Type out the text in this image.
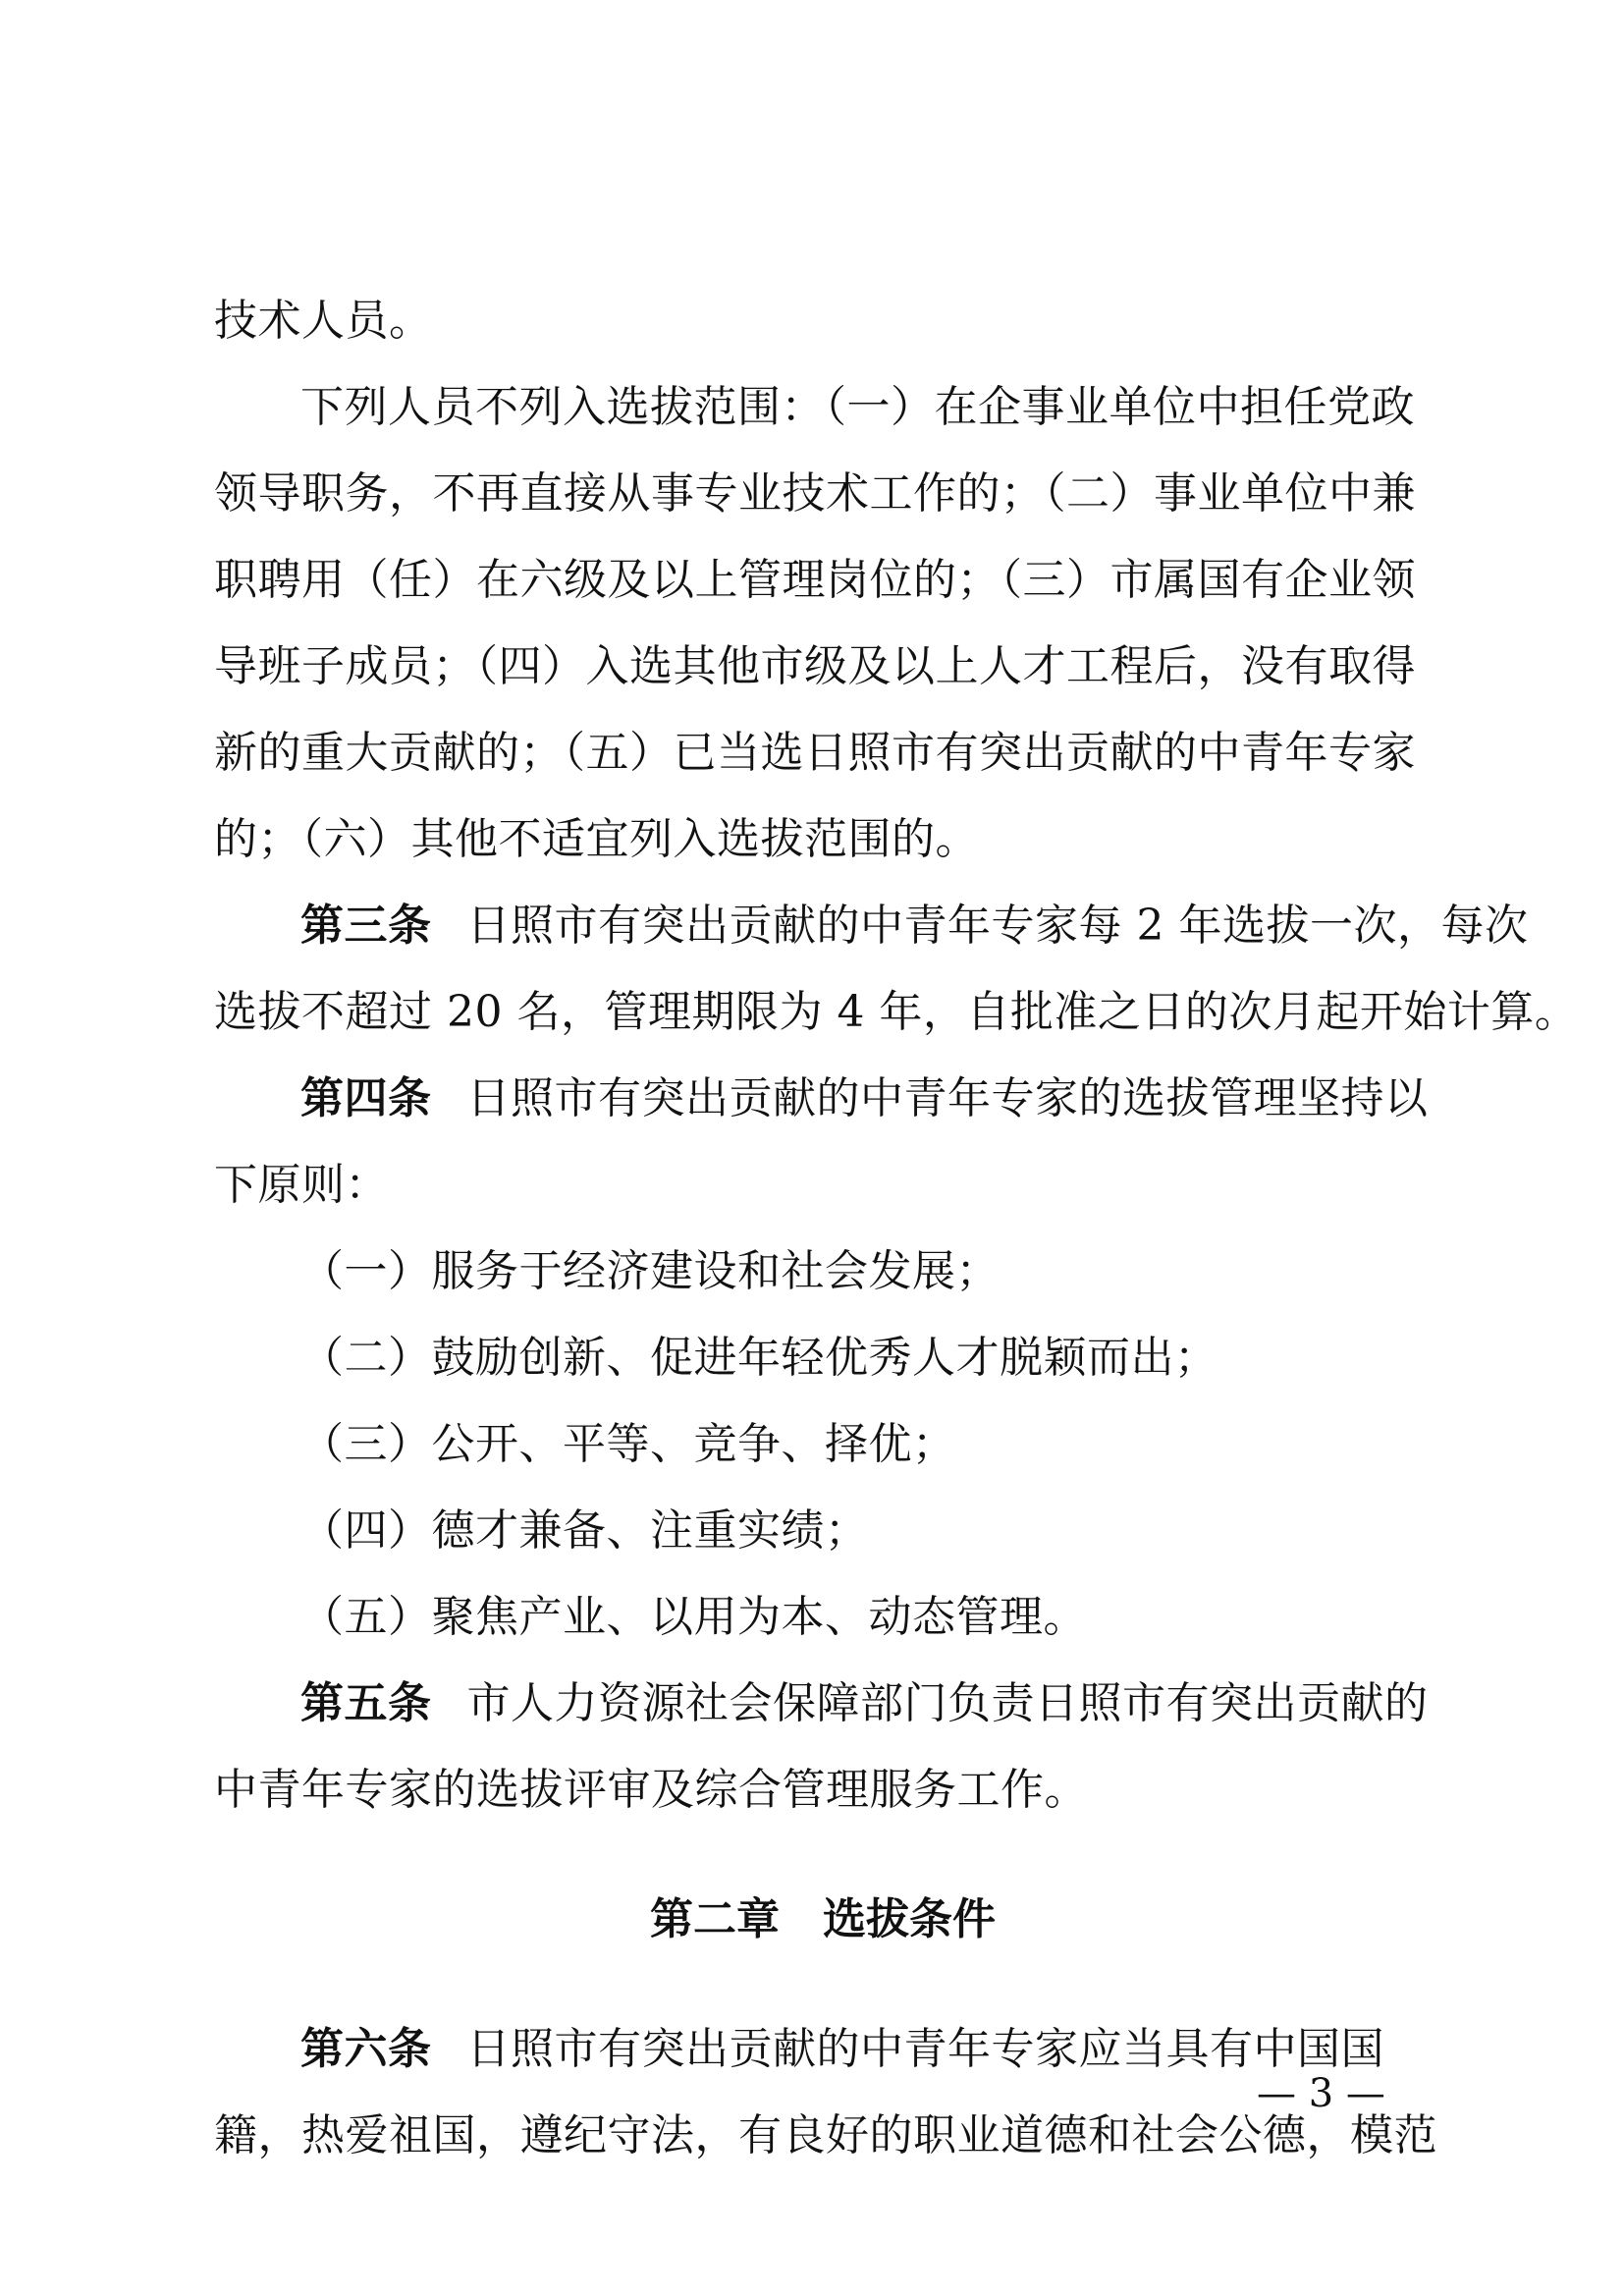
技术人员。
下列人员不列入选拔范围：（一）在企事业单位中担任党政
领导职务，不再直接从事专业技术工作的；（二）事业单位中兼
职聘用（任）在六级及以上管理岗位的；（三）市属国有企业领
导班子成员；（四）入选其他市级及以上人才工程后，没有取得
新的重大贡献的；（五）已当选日照市有突出贡献的中青年专家
的；（六）其他不适宜列入选拔范围的。
第三条 日照市有突出贡献的中青年专家每 2 年选拔一次，每次
选拔不超过 20 名，管理期限为 4 年，自批准之日的次月起开始计算。
第四条 日照市有突出贡献的中青年专家的选拔管理坚持以
下原则：
（一）服务于经济建设和社会发展；
（二）鼓励创新、促进年轻优秀人才脱颖而出；
（三）公开、平等、竞争、择优；
（四）德才兼备、注重实绩；
（五）聚焦产业、以用为本、动态管理。
第五条 市人力资源社会保障部门负责日照市有突出贡献的
中青年专家的选拔评审及综合管理服务工作。
第二章　选拔条件
第六条 日照市有突出贡献的中青年专家应当具有中国国
籍，热爱祖国，遵纪守法，有良好的职业道德和社会公德，模范
— 3 —
